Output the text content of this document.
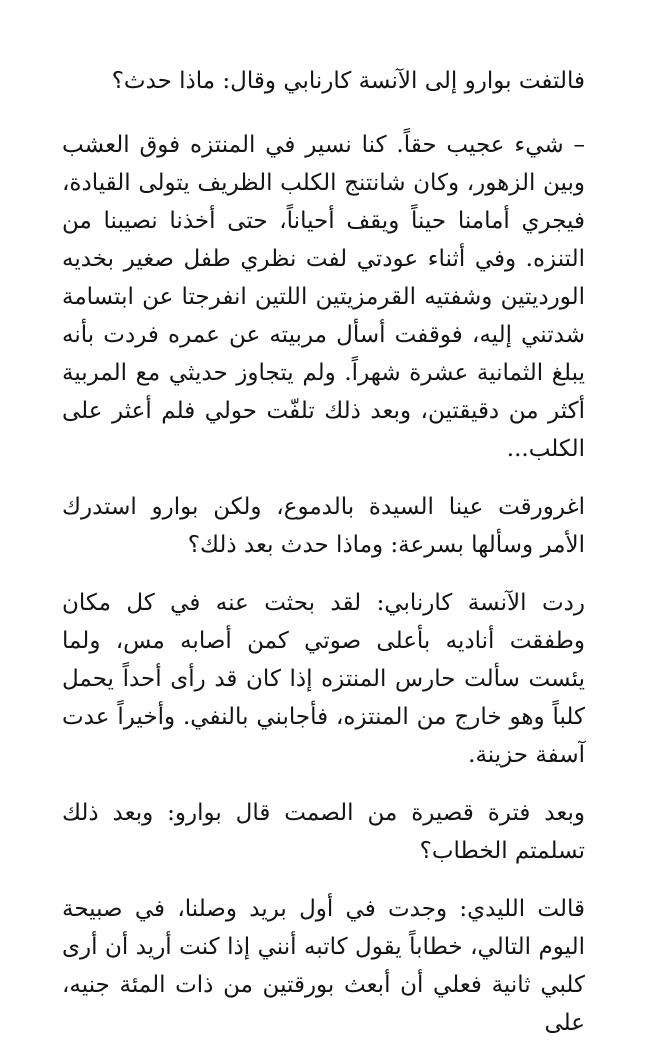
فالتفت بوارو إلى الآنسة كارنابي وقال: ماذا حدث؟

– شيء عجيب حقاً. كنا نسير في المنتزه فوق العشب وبين الزهور، وكان شانتنج الكلب الظريف يتولى القيادة، فيجري أمامنا حيناً ويقف أحياناً، حتى أخذنا نصيبنا من التنزه. وفي أثناء عودتي لفت نظري طفل صغير بخديه الورديتين وشفتيه القرمزيتين اللتين انفرجتا عن ابتسامة شدتني إليه، فوقفت أسأل مربيته عن عمره فردت بأنه يبلغ الثمانية عشرة شهراً. ولم يتجاوز حديثي مع المربية أكثر من دقيقتين، وبعد ذلك تلفّت حولي فلم أعثر على الكلب...

اغرورقت عينا السيدة بالدموع، ولكن بوارو استدرك الأمر وسألها بسرعة: وماذا حدث بعد ذلك؟

ردت الآنسة كارنابي: لقد بحثت عنه في كل مكان وطفقت أناديه بأعلى صوتي كمن أصابه مس، ولما يئست سألت حارس المنتزه إذا كان قد رأى أحداً يحمل كلباً وهو خارج من المنتزه، فأجابني بالنفي. وأخيراً عدت آسفة حزينة.

وبعد فترة قصيرة من الصمت قال بوارو: وبعد ذلك تسلمتم الخطاب؟

قالت الليدي: وجدت في أول بريد وصلنا، في صبيحة اليوم التالي، خطاباً يقول كاتبه أنني إذا كنت أريد أن أرى كلبي ثانية فعلي أن أبعث بورقتين من ذات المئة جنيه، على
